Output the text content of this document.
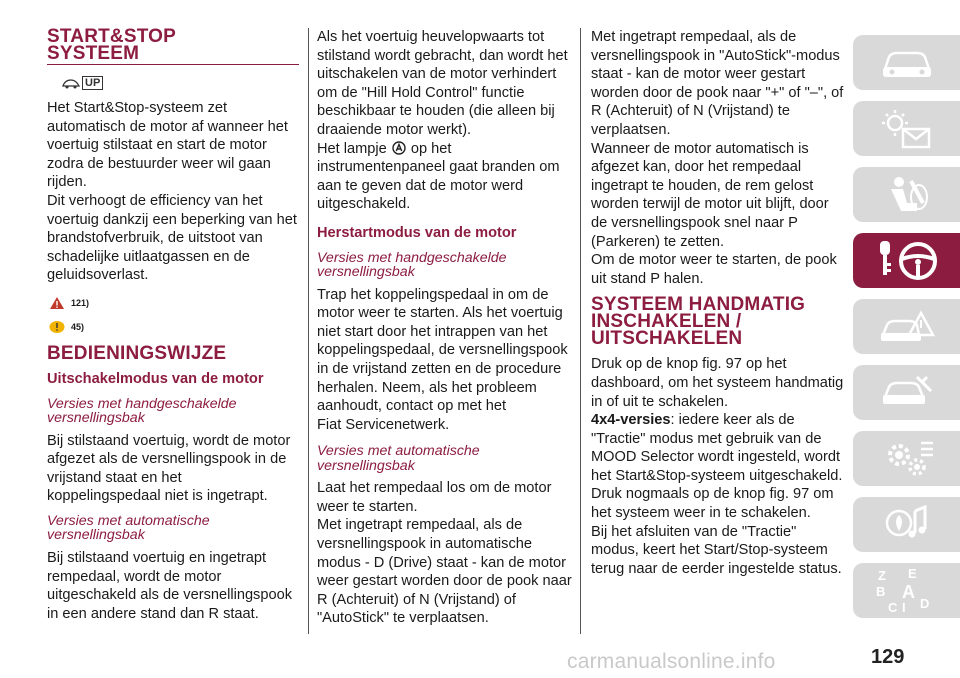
START&STOP
SYSTEEM
UP

Het Start&Stop-systeem zet automatisch de motor af wanneer het voertuig stilstaat en start de motor zodra de bestuurder weer wil gaan rijden.

Dit verhoogt de efficiency van het voertuig dankzij een beperking van het brandstofverbruik, de uitstoot van schadelijke uitlaatgassen en de geluidsoverlast.

121)
45)
BEDIENINGSWIJZE
Uitschakelmodus van de motor
Versies met handgeschakelde versnellingsbak

Bij stilstaand voertuig, wordt de motor afgezet als de versnellingspook in de vrijstand staat en het koppelingspedaal niet is ingetrapt.

Versies met automatische versnellingsbak

Bij stilstaand voertuig en ingetrapt rempedaal, wordt de motor uitgeschakeld als de versnellingspook in een andere stand dan R staat.

Als het voertuig heuvelopwaarts tot stilstand wordt gebracht, dan wordt het uitschakelen van de motor verhindert om de "Hill Hold Control" functie beschikbaar te houden (die alleen bij draaiende motor werkt).

Het lampje op het instrumentenpaneel gaat branden om aan te geven dat de motor werd uitgeschakeld.

Herstartmodus van de motor
Versies met handgeschakelde versnellingsbak

Trap het koppelingspedaal in om de motor weer te starten. Als het voertuig niet start door het intrappen van het koppelingspedaal, de versnellingspook in de vrijstand zetten en de procedure herhalen. Neem, als het probleem aanhoudt, contact op met het

Fiat Servicenetwerk.

Versies met automatische versnellingsbak

Laat het rempedaal los om de motor weer te starten.

Met ingetrapt rempedaal, als de versnellingspook in automatische modus - D (Drive) staat - kan de motor weer gestart worden door de pook naar R (Achteruit) of N (Vrijstand) of "AutoStick" te verplaatsen.

Met ingetrapt rempedaal, als de versnellingspook in "AutoStick"-modus staat - kan de motor weer gestart worden door de pook naar "+" of "–", of R (Achteruit) of N (Vrijstand) te verplaatsen.

Wanneer de motor automatisch is afgezet kan, door het rempedaal ingetrapt te houden, de rem gelost worden terwijl de motor uit blijft, door de versnellingspook snel naar P (Parkeren) te zetten.

Om de motor weer te starten, de pook uit stand P halen.

SYSTEEM HANDMATIG INSCHAKELEN / UITSCHAKELEN

Druk op de knop fig. 97 op het dashboard, om het systeem handmatig in of uit te schakelen.

4x4-versies: iedere keer als de "Tractie" modus met gebruik van de MOOD Selector wordt ingesteld, wordt het Start&Stop-systeem uitgeschakeld.

Druk nogmaals op de knop fig. 97 om het systeem weer in te schakelen.

Bij het afsluiten van de "Tractie" modus, keert het Start/Stop-systeem terug naar de eerder ingestelde status.	Z E
B A
C I D
129
carmanualsonline.info
